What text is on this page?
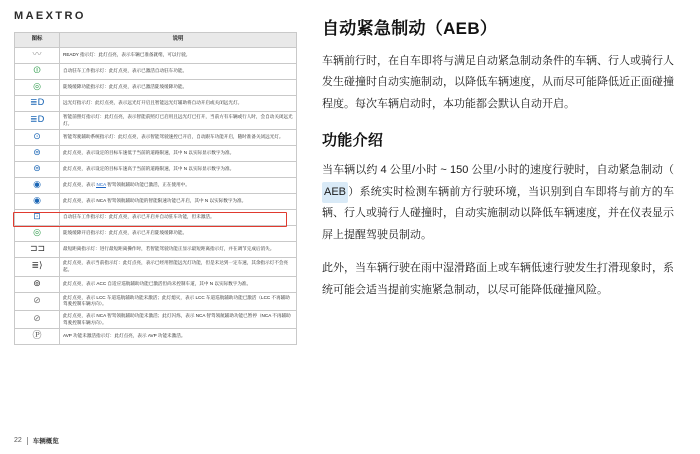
MAEXTRO
图标	说明
〰	READY 指示灯：此灯点亮，表示车辆已准备就绪，可以行驶。
⏼	自动驻车工作指示灯：此灯点亮，表示已激活自动驻车功能。
◎	陡坡缓降功能指示灯：此灯点亮，表示已激活陡坡缓降功能。
≣D	远光灯指示灯：此灯点亮，表示远光灯开启且智能远光灯辅助将自动开启或关闭远光灯。
≣D	智能前照灯指示灯：此灯点亮，表示智能前照灯已启用且远光灯已打开，当前方有车辆或行人时，会自动关闭远光灯。
⊙	智能驾驶辅助系统指示灯：此灯点亮，表示智能驾驶速控已开启，自动跟车功能开启，随时准备关闭远光灯。
⊜	此灯点亮，表示设定的目标车速低于当前的道路限速，其中 N 以实际显示数字为准。
⊜	此灯点亮，表示设定的目标车速高于当前的道路限速，其中 N 以实际显示数字为准。
◉	此灯点亮，表示 NCA 智驾领航辅助功能已激活，正在使用中。
◉	此灯点亮，表示 NCA 智驾领航辅助功能的智能限速功能已开启，其中 N 以实际数字为准。
⊡	自动驻车工作指示灯：此灯点亮，表示已开启并自动驻车功能，但未激活。
◎	陡坡缓降开启指示灯：此灯点亮，表示已开启陡坡缓降功能。
⊐⊐	最短距离指示灯：进行最短距离操作时，若智能驾驶功能正显示最短距离指示灯，并在调节完成后消失。
≣⟩	此灯点亮，表示当前指示灯：此灯点亮，表示已经用智能远光灯功能，但是未达到一定车速，其余指示灯不会亮起。
⊚	此灯点亮，表示 ACC 自适应巡航辅助功能已激活但尚未控制车道，其中 N 以实际数字为准。
⊘	此灯点亮，表示 LCC 车道巡航辅助功能未激活；此灯熄灭，表示 LCC 车道巡航辅助功能已激活（LCC 不再辅助驾驶控制车辆方向）。
⊘	此灯点亮，表示 NCA 智驾领航辅助功能未激活；此灯闪烁，表示 NCA 智驾领航辅助功能已暂停（NCA 不再辅助驾驶控制车辆方向）。
Ⓟ	AVP 功能未激活指示灯：此灯点亮，表示 AVP 功能未激活。
22 车辆概览
自动紧急制动（AEB）

车辆前行时，在自车即将与满足自动紧急制动条件的车辆、行人或骑行人发生碰撞时自动实施制动，以降低车辆速度，从而尽可能降低近正面碰撞程度。每次车辆启动时，本功能都会默认自动开启。

功能介绍

当车辆以约 4 公里/小时 ~ 150 公里/小时的速度行驶时，自动紧急制动（AEB ）系统实时检测车辆前方行驶环境，当识别到自车即将与前方的车辆、行人或骑行人碰撞时，自动实施制动以降低车辆速度，并在仪表显示屏上提醒驾驶员制动。

此外，当车辆行驶在雨中湿滑路面上或车辆低速行驶发生打滑现象时，系统可能会适当提前实施紧急制动，以尽可能降低碰撞风险。
